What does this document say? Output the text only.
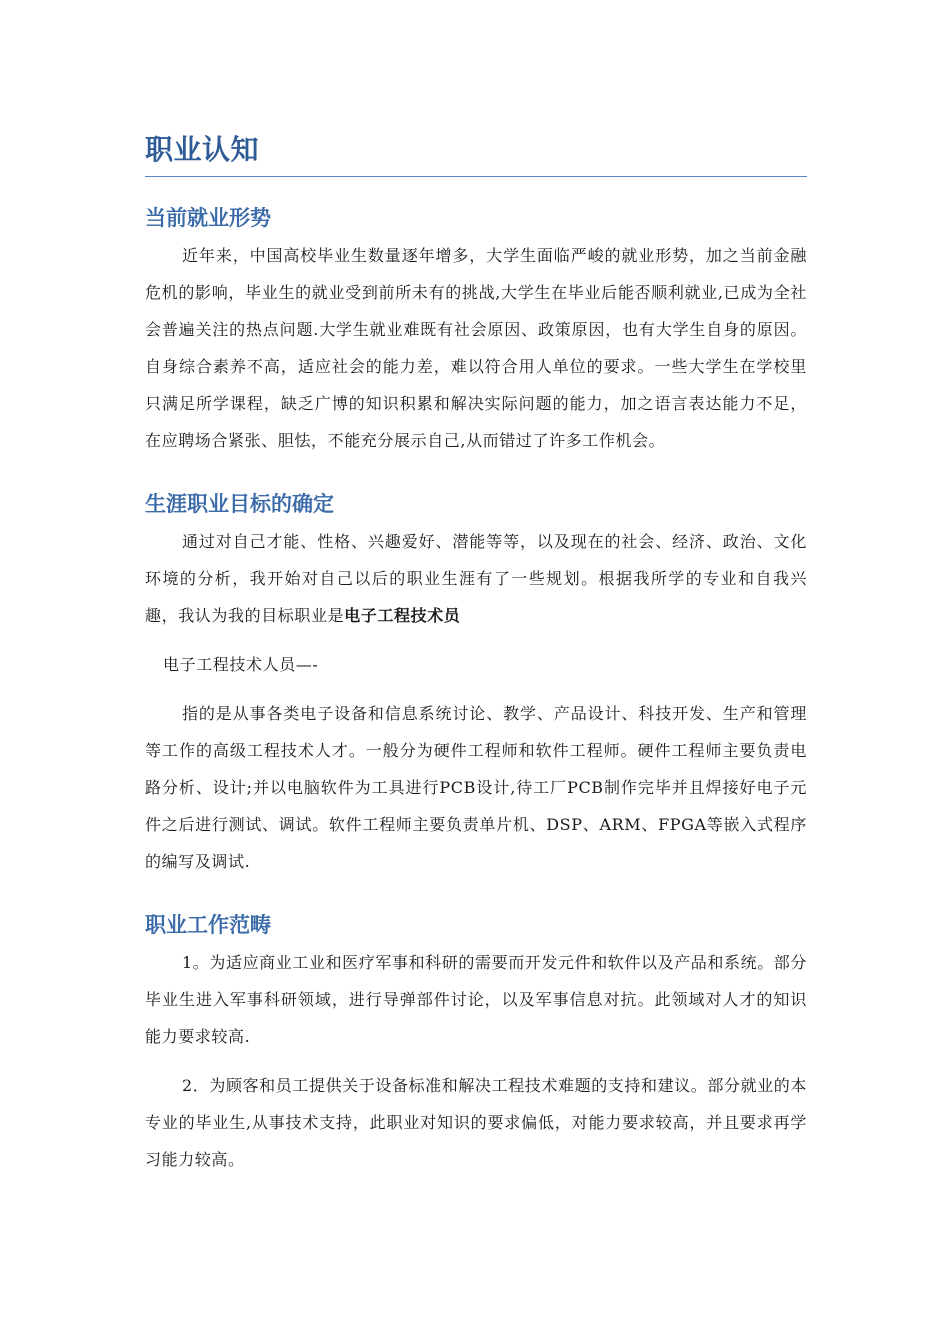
职业认知
当前就业形势

近年来，中国高校毕业生数量逐年增多，大学生面临严峻的就业形势，加之当前金融危机的影响，毕业生的就业受到前所未有的挑战,大学生在毕业后能否顺利就业,已成为全社会普遍关注的热点问题.大学生就业难既有社会原因、政策原因，也有大学生自身的原因。自身综合素养不高，适应社会的能力差，难以符合用人单位的要求。一些大学生在学校里只满足所学课程，缺乏广博的知识积累和解决实际问题的能力，加之语言表达能力不足，在应聘场合紧张、胆怯，不能充分展示自己,从而错过了许多工作机会。

生涯职业目标的确定

通过对自己才能、性格、兴趣爱好、潜能等等，以及现在的社会、经济、政治、文化环境的分析，我开始对自己以后的职业生涯有了一些规划。根据我所学的专业和自我兴趣，我认为我的目标职业是电子工程技术员

电子工程技术人员—-

指的是从事各类电子设备和信息系统讨论、教学、产品设计、科技开发、生产和管理等工作的高级工程技术人才。一般分为硬件工程师和软件工程师。硬件工程师主要负责电路分析、设计;并以电脑软件为工具进行PCB设计,待工厂PCB制作完毕并且焊接好电子元件之后进行测试、调试。软件工程师主要负责单片机、DSP、ARM、FPGA等嵌入式程序的编写及调试.

职业工作范畴

1。为适应商业工业和医疗军事和科研的需要而开发元件和软件以及产品和系统。部分毕业生进入军事科研领域，进行导弹部件讨论，以及军事信息对抗。此领域对人才的知识能力要求较高.

2．为顾客和员工提供关于设备标准和解决工程技术难题的支持和建议。部分就业的本专业的毕业生,从事技术支持，此职业对知识的要求偏低，对能力要求较高，并且要求再学习能力较高。
